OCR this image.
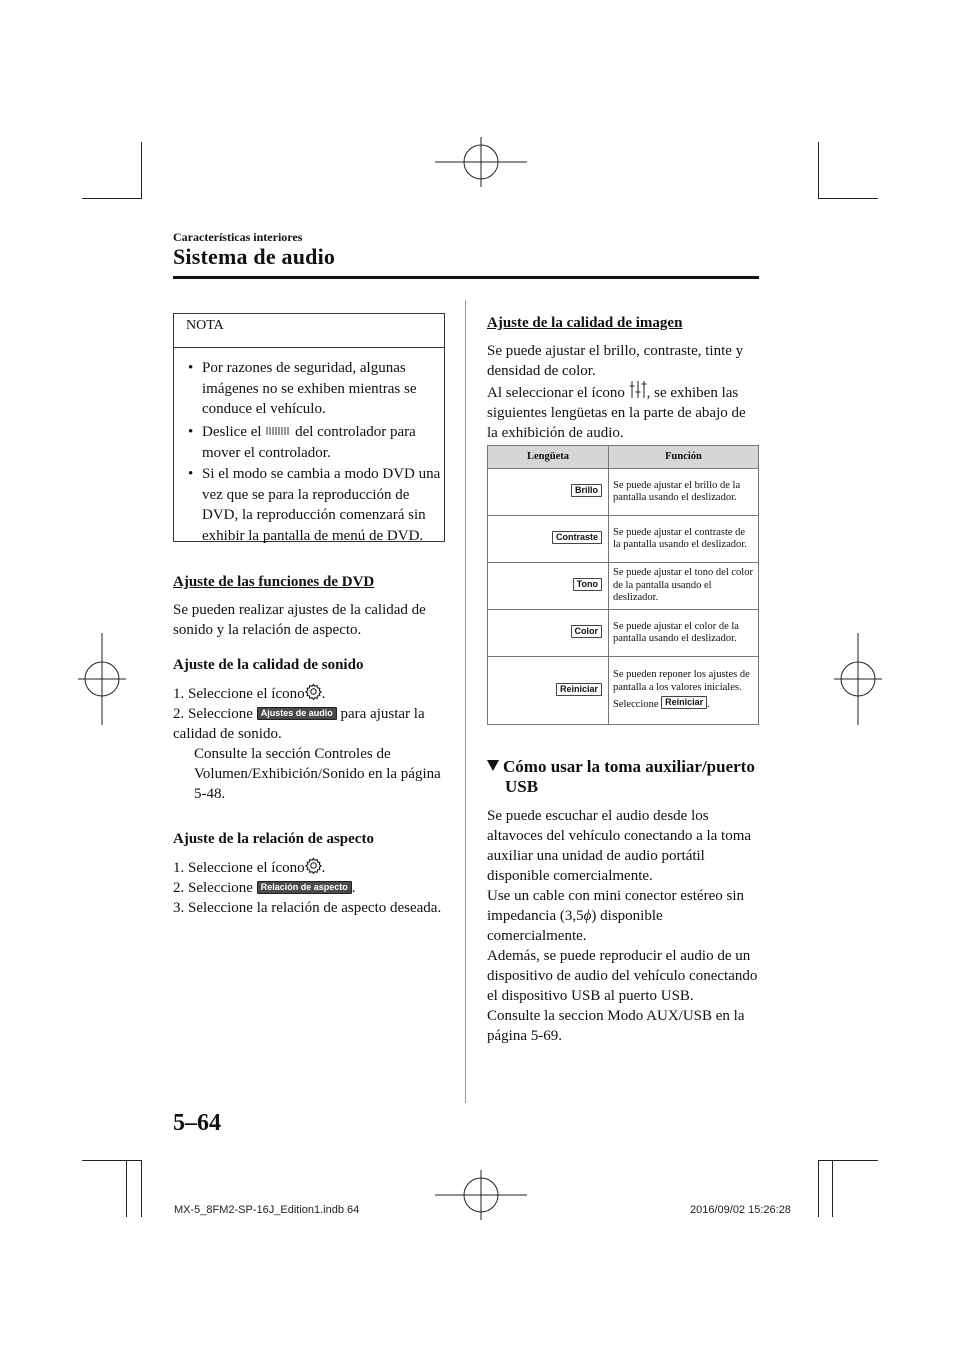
Características interiores
Sistema de audio
NOTA
• Por razones de seguridad, algunas imágenes no se exhiben mientras se conduce el vehículo.
• Deslice el del controlador para mover el controlador.
• Si el modo se cambia a modo DVD una vez que se para la reproducción de DVD, la reproducción comenzará sin exhibir la pantalla de menú de DVD.
Ajuste de las funciones de DVD
Se pueden realizar ajustes de la calidad de sonido y la relación de aspecto.
Ajuste de la calidad de sonido
1. Seleccione el ícono .
2. Seleccione Ajustes de audio para ajustar la calidad de sonido.
Consulte la sección Controles de Volumen/Exhibición/Sonido en la página 5-48.
Ajuste de la relación de aspecto
1. Seleccione el ícono .
2. Seleccione Relación de aspecto .
3. Seleccione la relación de aspecto deseada.
Ajuste de la calidad de imagen
Se puede ajustar el brillo, contraste, tinte y densidad de color.
Al seleccionar el ícono , se exhiben las siguientes lengüetas en la parte de abajo de la exhibición de audio.
Lengüeta	Función
Brillo	Se puede ajustar el brillo de la pantalla usando el deslizador.
Contraste	Se puede ajustar el contraste de la pantalla usando el deslizador.
Tono	Se puede ajustar el tono del color de la pantalla usando el deslizador.
Color	Se puede ajustar el color de la pantalla usando el deslizador.
Reiniciar	Se pueden reponer los ajustes de pantalla a los valores iniciales.
Seleccione Reiniciar .
Cómo usar la toma auxiliar/puerto USB
Se puede escuchar el audio desde los altavoces del vehículo conectando a la toma auxiliar una unidad de audio portátil disponible comercialmente.
Use un cable con mini conector estéreo sin impedancia (3,5ϕ) disponible comercialmente.
Además, se puede reproducir el audio de un dispositivo de audio del vehículo conectando el dispositivo USB al puerto USB.
Consulte la seccion Modo AUX/USB en la página 5-69.
5–64
MX-5_8FM2-SP-16J_Edition1.indb 64	2016/09/02 15:26:28
